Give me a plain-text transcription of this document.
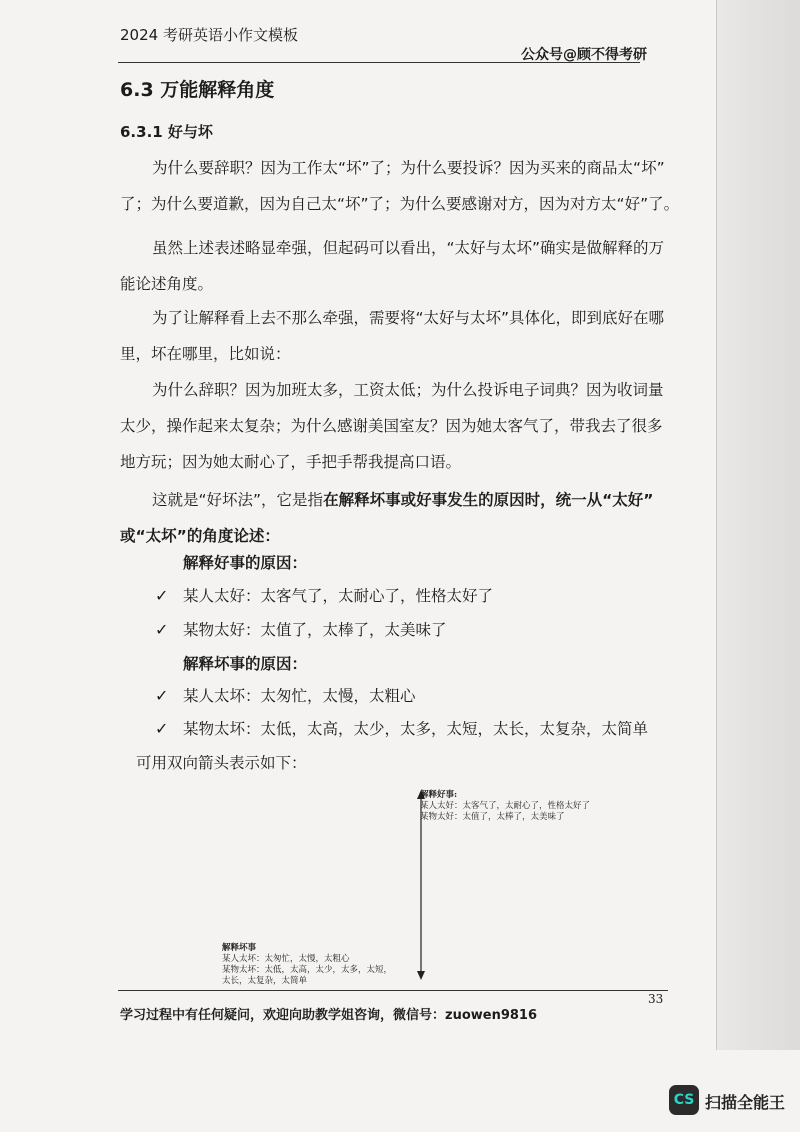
2024 考研英语小作文模板
公众号@顾不得考研
6.3 万能解释角度
6.3.1 好与坏
为什么要辞职？因为工作太“坏”了；为什么要投诉？因为买来的商品太“坏”
了；为什么要道歉，因为自己太“坏”了；为什么要感谢对方，因为对方太“好”了。
虽然上述表述略显牵强，但起码可以看出，“太好与太坏”确实是做解释的万
能论述角度。
为了让解释看上去不那么牵强，需要将“太好与太坏”具体化，即到底好在哪
里，坏在哪里，比如说：
为什么辞职？因为加班太多，工资太低；为什么投诉电子词典？因为收词量
太少，操作起来太复杂；为什么感谢美国室友？因为她太客气了，带我去了很多
地方玩；因为她太耐心了，手把手帮我提高口语。
这就是“好坏法”，它是指在解释坏事或好事发生的原因时，统一从“太好”
或“太坏”的角度论述：
解释好事的原因：
✓ 某人太好：太客气了，太耐心了，性格太好了
✓ 某物太好：太值了，太棒了，太美味了
解释坏事的原因：
✓ 某人太坏：太匆忙，太慢，太粗心
✓ 某物太坏：太低，太高，太少，太多，太短，太长，太复杂，太简单
可用双向箭头表示如下：
解释好事:
某人太好：太客气了，太耐心了，性格太好了
某物太好：太值了，太棒了，太美味了
解释坏事
某人太坏：太匆忙，太慢，太粗心
某物太坏：太低，太高，太少，太多，太短，
太长，太复杂，太简单
33
学习过程中有任何疑问，欢迎向助教学姐咨询，微信号：zuowen9816
CS 扫描全能王
